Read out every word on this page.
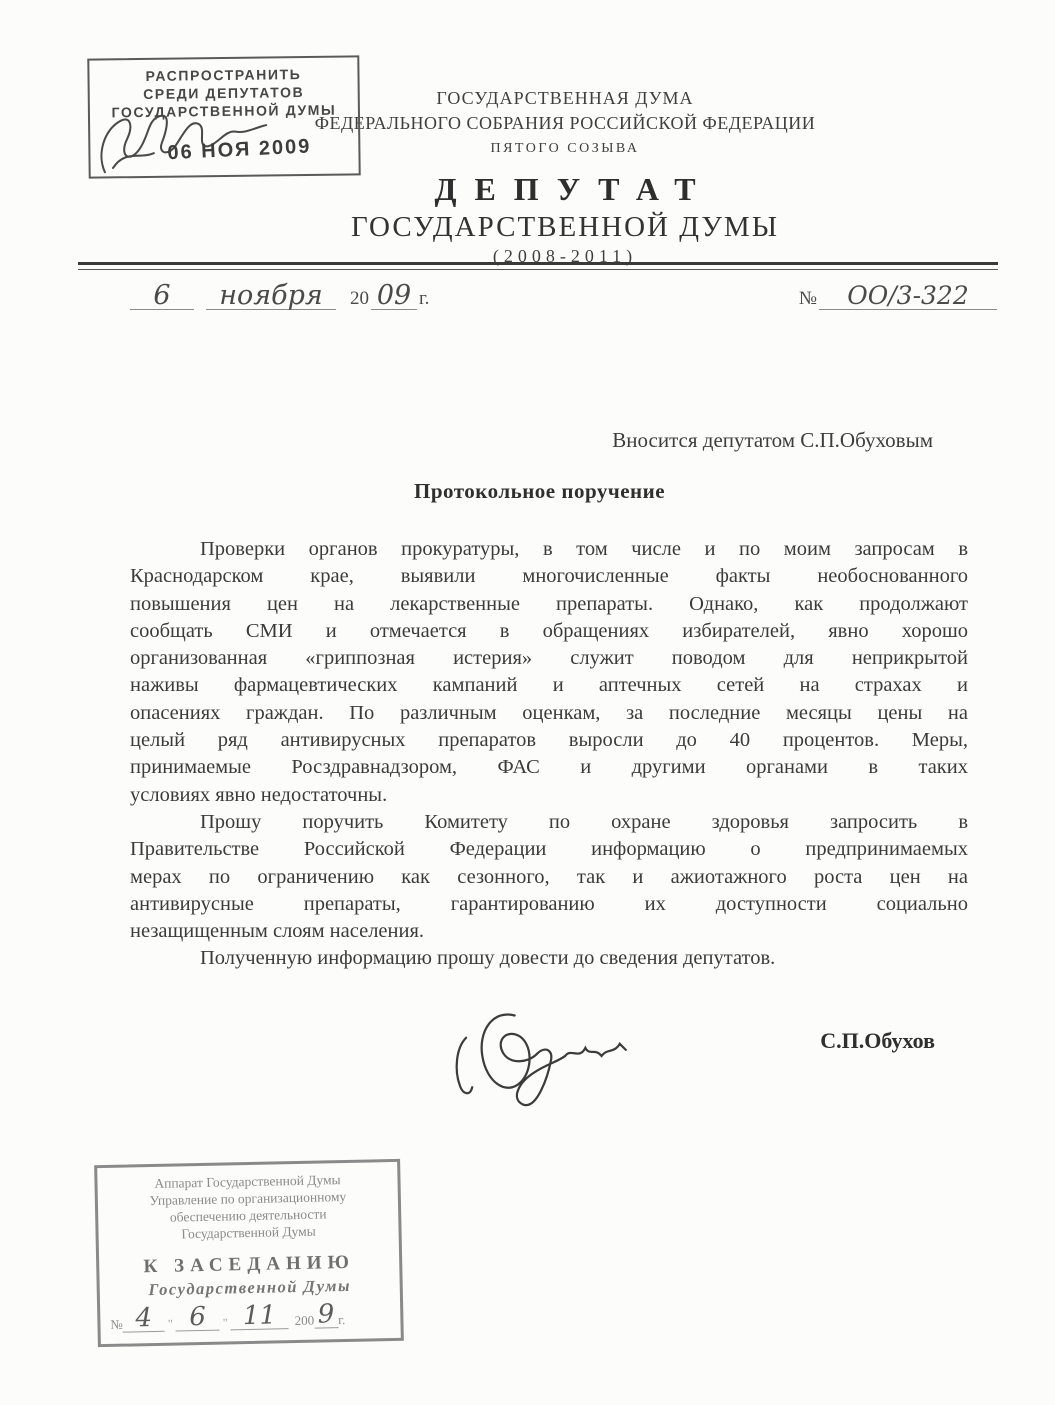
РАСПРОСТРАНИТЬ
СРЕДИ ДЕПУТАТОВ
ГОСУДАРСТВЕННОЙ ДУМЫ
06 НОЯ 2009
ГОСУДАРСТВЕННАЯ ДУМА
ФЕДЕРАЛЬНОГО СОБРАНИЯ РОССИЙСКОЙ ФЕДЕРАЦИИ
ПЯТОГО СОЗЫВА
ДЕПУТАТ
ГОСУДАРСТВЕННОЙ ДУМЫ
(2008-2011)
6	ноября	20 09 г.	№	ОО/3-322
Вносится депутатом С.П.Обуховым
Протокольное поручение
Проверки органов прокуратуры, в том числе и по моим запросам в
Краснодарском крае, выявили многочисленные факты необоснованного
повышения цен на лекарственные препараты. Однако, как продолжают
сообщать СМИ и отмечается в обращениях избирателей, явно хорошо
организованная «гриппозная истерия» служит поводом для неприкрытой
наживы фармацевтических кампаний и аптечных сетей на страхах и
опасениях граждан. По различным оценкам, за последние месяцы цены на
целый ряд антивирусных препаратов выросли до 40 процентов. Меры,
принимаемые Росздравнадзором, ФАС и другими органами в таких
условиях явно недостаточны.
Прошу поручить Комитету по охране здоровья запросить в
Правительстве Российской Федерации информацию о предпринимаемых
мерах по ограничению как сезонного, так и ажиотажного роста цен на
антивирусные препараты, гарантированию их доступности социально
незащищенным слоям населения.
Полученную информацию прошу довести до сведения депутатов.
С.П.Обухов
Аппарат Государственной Думы
Управление по организационному
обеспечению деятельности
Государственной Думы
К ЗАСЕДАНИЮ
Государственной Думы
№ 4	" 6	" 11	200 9 г.
